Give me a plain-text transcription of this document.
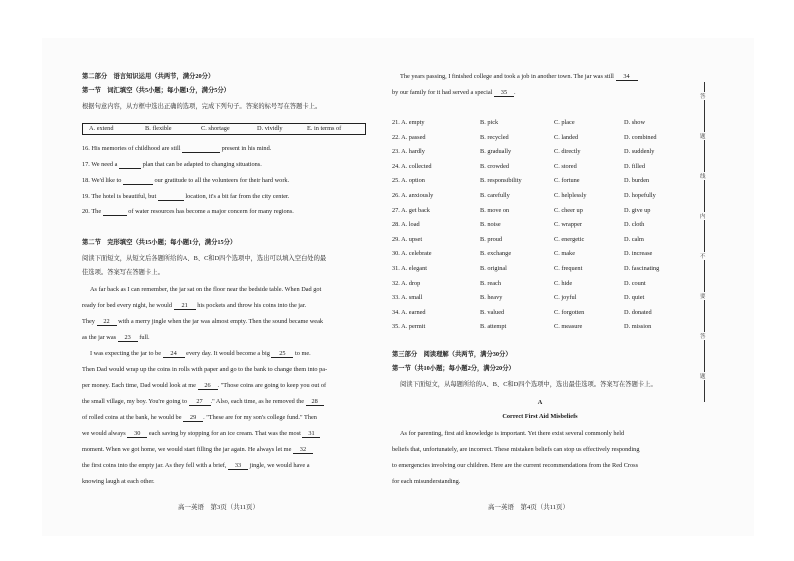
第二部分　语言知识运用（共两节，满分20分）
第一节　词汇填空（共5小题；每小题1分，满分5分）
根据句意内容，从方框中选出正确的选项，完成下列句子。答案的标号写在答题卡上。
A. extend	B. flexible	C. shortage	D. vividly	E. in terms of
16. His memories of childhood are still	present in his mind.
17. We need a	plan that can be adapted to changing situations.
18. We'd like to	our gratitude to all the volunteers for their hard work.
19. The hotel is beautiful, but	location, it's a bit far from the city center.
20. The	of water resources has become a major concern for many regions.
第二节　完形填空（共15小题；每小题1分，满分15分）
阅读下面短文，从短文后各题所给的A、B、C和D四个选项中，选出可以填入空白处的最
佳选项。答案写在答题卡上。
As far back as I can remember, the jar sat on the floor near the bedside table. When Dad got
ready for bed every night, he would 21 his pockets and throw his coins into the jar.
They 22 with a merry jingle when the jar was almost empty. Then the sound became weak
as the jar was 23 full.
I was expecting the jar to be 24 every day. It would become a big 25 to me.
Then Dad would wrap up the coins in rolls with paper and go to the bank to change them into pa-
per money. Each time, Dad would look at me 26 . "Those coins are going to keep you out of
the small village, my boy. You're going to 27 ." Also, each time, as he removed the 28
of rolled coins at the bank, he would be 29 . "These are for my son's college fund." Then
we would always 30 each saving by stopping for an ice cream. That was the most 31
moment. When we got home, we would start filling the jar again. He always let me 32
the first coins into the empty jar. As they fell with a brief, 33 jingle, we would have a
knowing laugh at each other.
高一英语　第3页（共11页）
The years passing, I finished college and took a job in another town. The jar was still 34
by our family for it had served a special 35 .
21. A. empty	B. pick	C. place	D. show
22. A. passed	B. recycled	C. landed	D. combined
23. A. hardly	B. gradually	C. directly	D. suddenly
24. A. collected	B. crowded	C. stored	D. filled
25. A. option	B. responsibility	C. fortune	D. burden
26. A. anxiously	B. carefully	C. helplessly	D. hopefully
27. A. get back	B. move on	C. cheer up	D. give up
28. A. load	B. noise	C. wrapper	D. cloth
29. A. upset	B. proud	C. energetic	D. calm
30. A. celebrate	B. exchange	C. make	D. increase
31. A. elegant	B. original	C. frequent	D. fascinating
32. A. drop	B. reach	C. hide	D. count
33. A. small	B. heavy	C. joyful	D. quiet
34. A. earned	B. valued	C. forgotten	D. donated
35. A. permit	B. attempt	C. measure	D. mission
第三部分　阅读理解（共两节，满分30分）
第一节（共10小题；每小题2分，满分20分）
阅读下面短文，从每题所给的A、B、C和D四个选项中，选出最佳选项。答案写在答题卡上。
A
Correct First Aid Misbeliefs
As for parenting, first aid knowledge is important. Yet there exist several commonly held
beliefs that, unfortunately, are incorrect. These mistaken beliefs can stop us effectively responding
to emergencies involving our children. Here are the current recommendations from the Red Cross
for each misunderstanding.
高一英语　第4页（共11页）
答
题
线
内
不
要
答
题
